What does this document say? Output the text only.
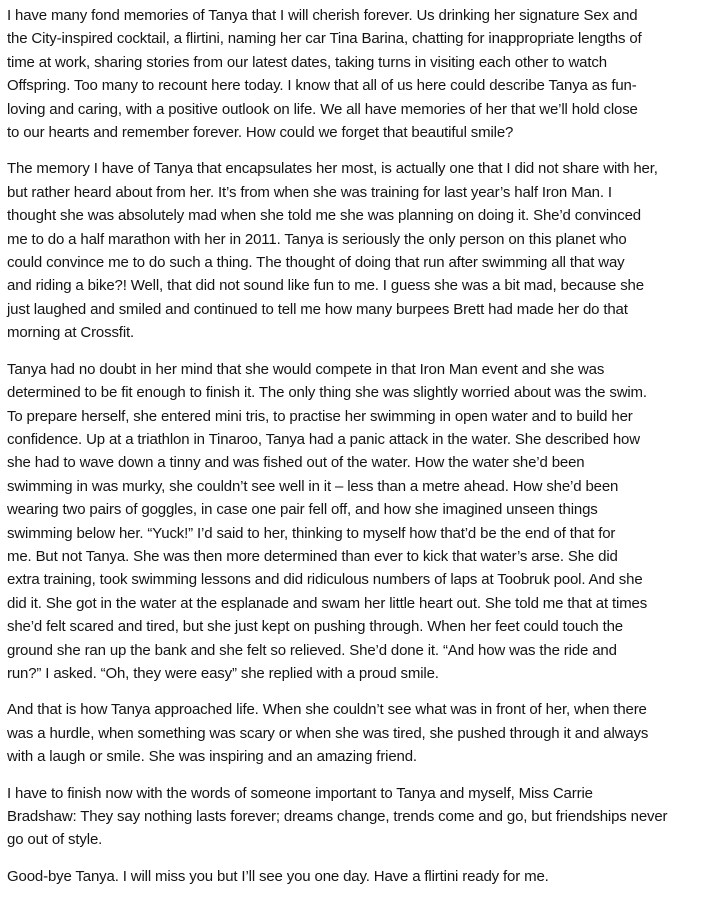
I have many fond memories of Tanya that I will cherish forever. Us drinking her signature Sex and
the City-inspired cocktail, a flirtini, naming her car Tina Barina, chatting for inappropriate lengths of
time at work, sharing stories from our latest dates, taking turns in visiting each other to watch
Offspring. Too many to recount here today. I know that all of us here could describe Tanya as fun-
loving and caring, with a positive outlook on life. We all have memories of her that we’ll hold close
to our hearts and remember forever. How could we forget that beautiful smile?

The memory I have of Tanya that encapsulates her most, is actually one that I did not share with her,
but rather heard about from her. It’s from when she was training for last year’s half Iron Man. I
thought she was absolutely mad when she told me she was planning on doing it. She’d convinced
me to do a half marathon with her in 2011. Tanya is seriously the only person on this planet who
could convince me to do such a thing. The thought of doing that run after swimming all that way
and riding a bike?! Well, that did not sound like fun to me. I guess she was a bit mad, because she
just laughed and smiled and continued to tell me how many burpees Brett had made her do that
morning at Crossfit.

Tanya had no doubt in her mind that she would compete in that Iron Man event and she was
determined to be fit enough to finish it. The only thing she was slightly worried about was the swim.
To prepare herself, she entered mini tris, to practise her swimming in open water and to build her
confidence. Up at a triathlon in Tinaroo, Tanya had a panic attack in the water. She described how
she had to wave down a tinny and was fished out of the water. How the water she’d been
swimming in was murky, she couldn’t see well in it – less than a metre ahead. How she’d been
wearing two pairs of goggles, in case one pair fell off, and how she imagined unseen things
swimming below her. “Yuck!” I’d said to her, thinking to myself how that’d be the end of that for
me. But not Tanya. She was then more determined than ever to kick that water’s arse. She did
extra training, took swimming lessons and did ridiculous numbers of laps at Toobruk pool. And she
did it. She got in the water at the esplanade and swam her little heart out. She told me that at times
she’d felt scared and tired, but she just kept on pushing through. When her feet could touch the
ground she ran up the bank and she felt so relieved. She’d done it. “And how was the ride and
run?” I asked. “Oh, they were easy” she replied with a proud smile.

And that is how Tanya approached life. When she couldn’t see what was in front of her, when there
was a hurdle, when something was scary or when she was tired, she pushed through it and always
with a laugh or smile. She was inspiring and an amazing friend.

I have to finish now with the words of someone important to Tanya and myself, Miss Carrie
Bradshaw: They say nothing lasts forever; dreams change, trends come and go, but friendships never
go out of style.

Good-bye Tanya. I will miss you but I’ll see you one day. Have a flirtini ready for me.
